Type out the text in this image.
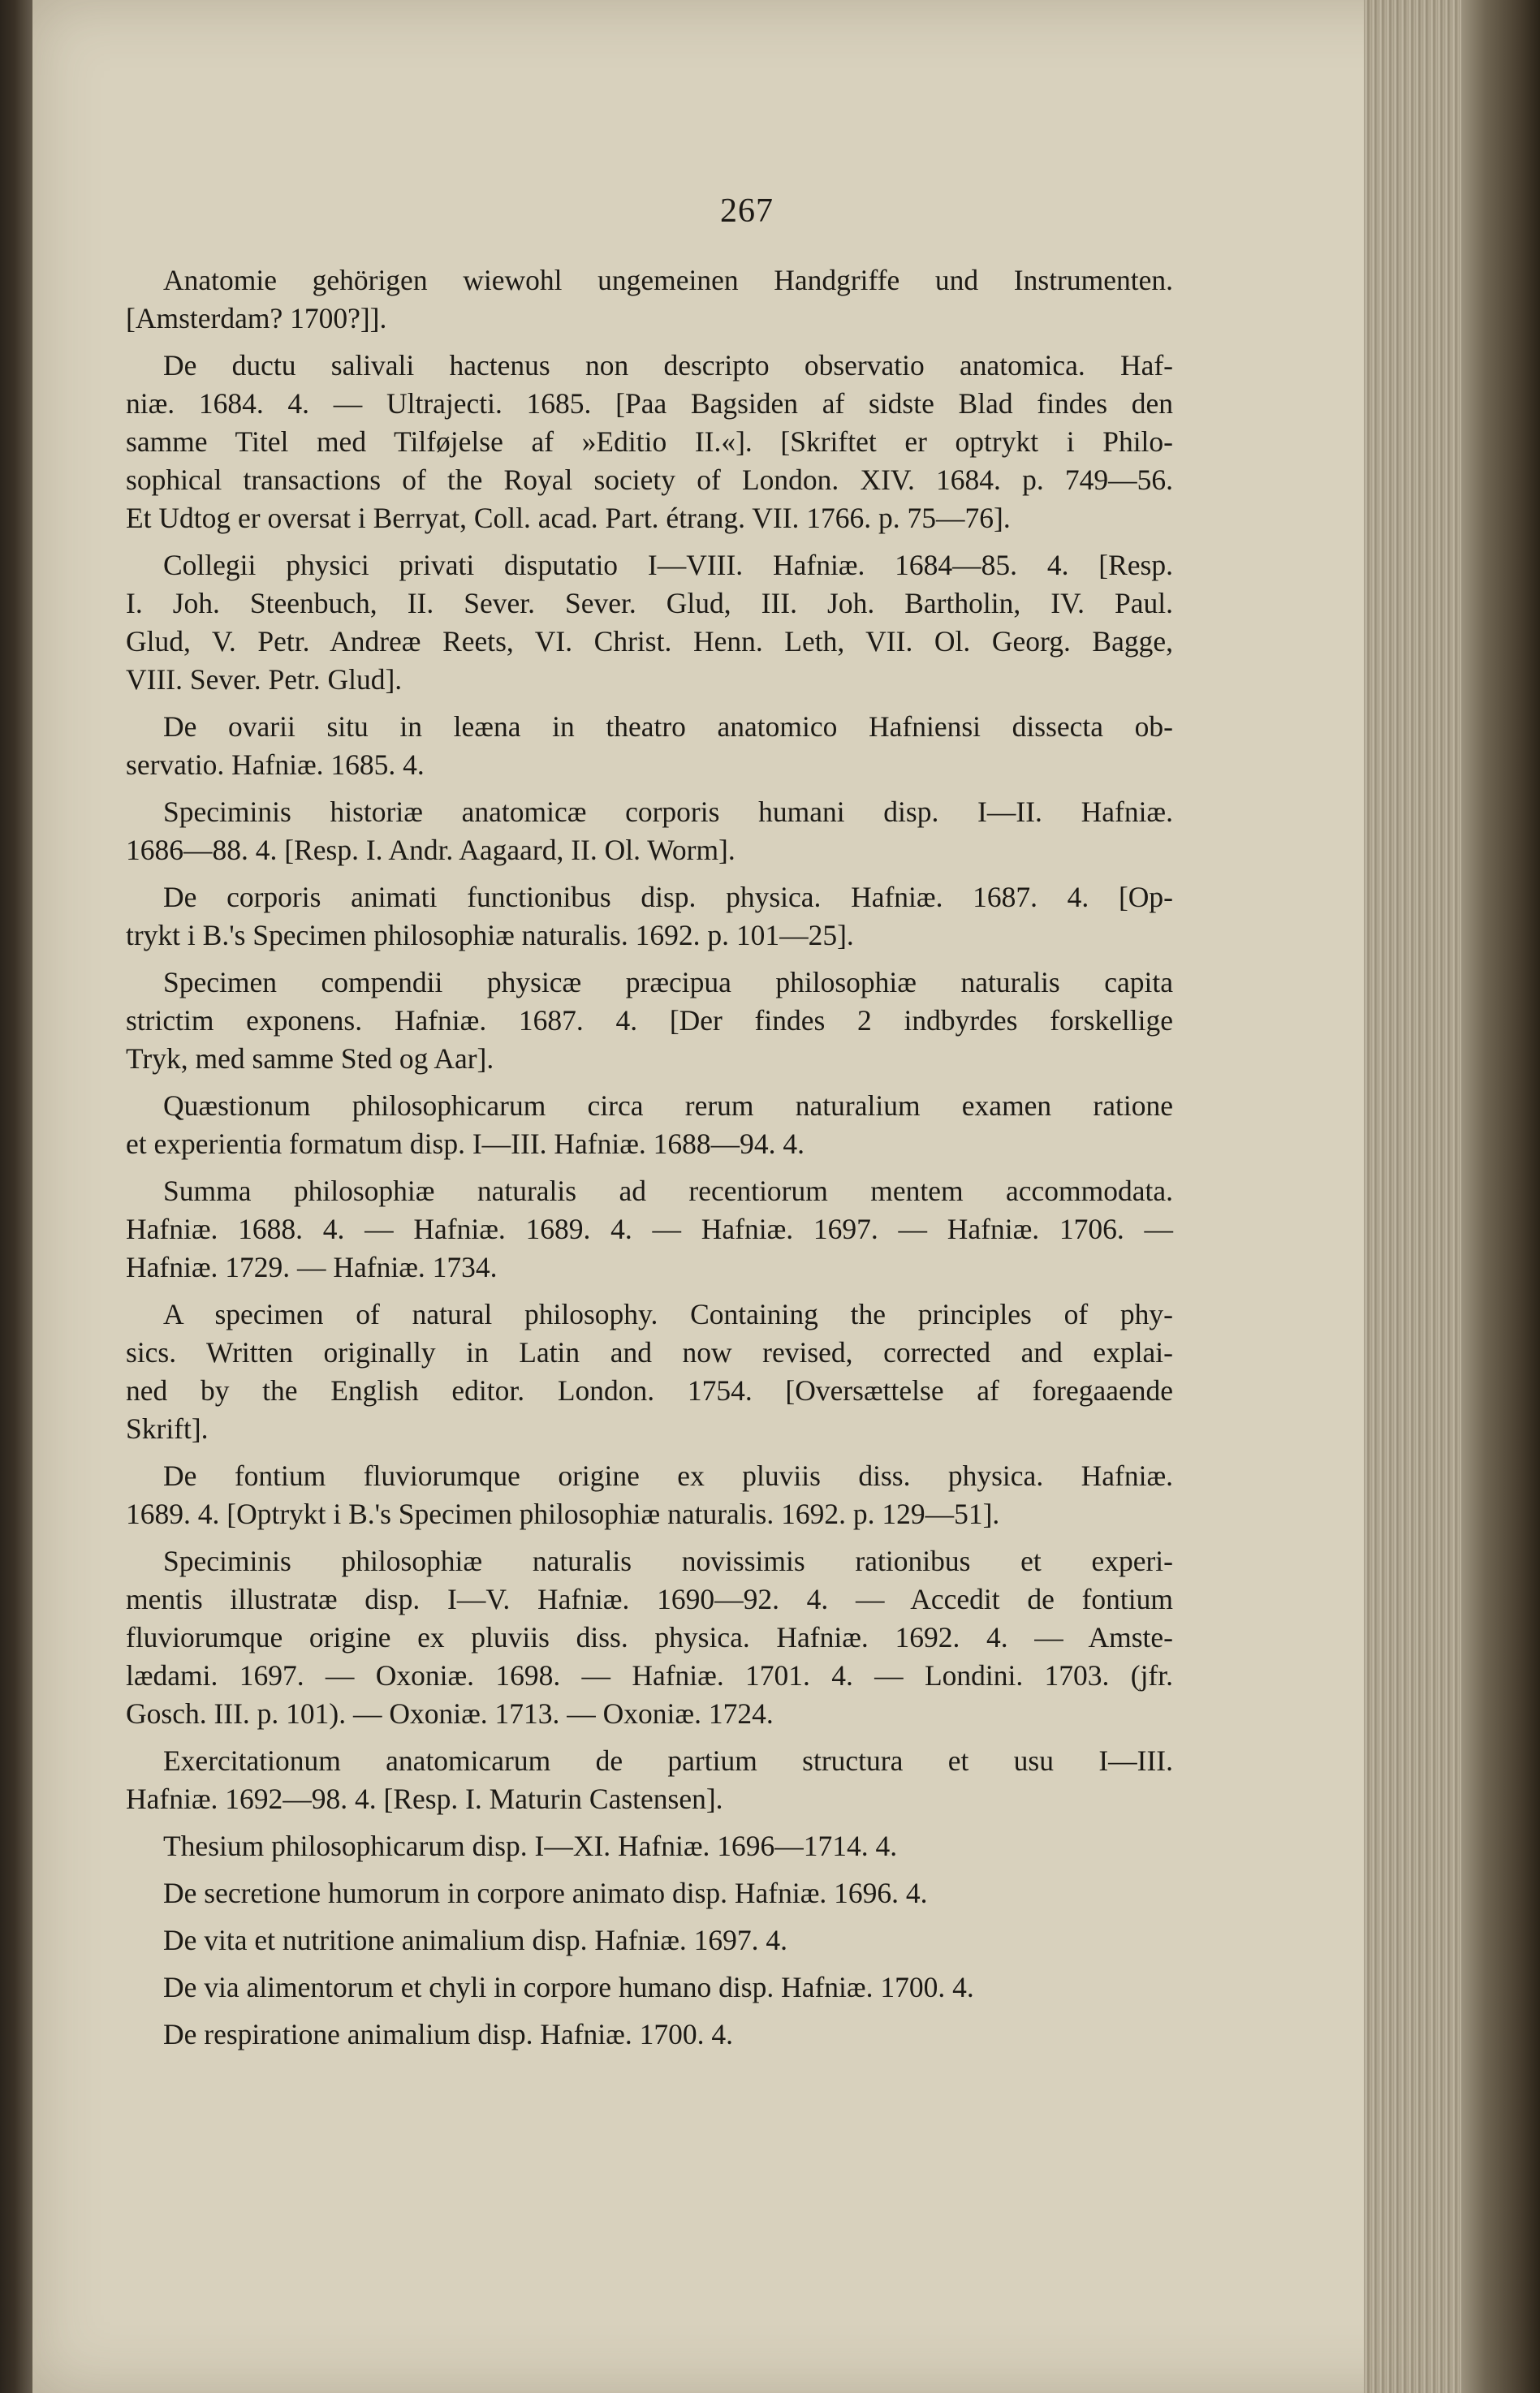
267
Anatomie gehörigen wiewohl ungemeinen Handgriffe und Instrumenten.
[Amsterdam? 1700?]].
De ductu salivali hactenus non descripto observatio anatomica. Haf-
niæ. 1684. 4. — Ultrajecti. 1685. [Paa Bagsiden af sidste Blad findes den
samme Titel med Tilføjelse af »Editio II.«]. [Skriftet er optrykt i Philo-
sophical transactions of the Royal society of London. XIV. 1684. p. 749—56.
Et Udtog er oversat i Berryat, Coll. acad. Part. étrang. VII. 1766. p. 75—76].
Collegii physici privati disputatio I—VIII. Hafniæ. 1684—85. 4. [Resp.
I. Joh. Steenbuch, II. Sever. Sever. Glud, III. Joh. Bartholin, IV. Paul.
Glud, V. Petr. Andreæ Reets, VI. Christ. Henn. Leth, VII. Ol. Georg. Bagge,
VIII. Sever. Petr. Glud].
De ovarii situ in leæna in theatro anatomico Hafniensi dissecta ob-
servatio. Hafniæ. 1685. 4.
Speciminis historiæ anatomicæ corporis humani disp. I—II. Hafniæ.
1686—88. 4. [Resp. I. Andr. Aagaard, II. Ol. Worm].
De corporis animati functionibus disp. physica. Hafniæ. 1687. 4. [Op-
trykt i B.'s Specimen philosophiæ naturalis. 1692. p. 101—25].
Specimen compendii physicæ præcipua philosophiæ naturalis capita
strictim exponens. Hafniæ. 1687. 4. [Der findes 2 indbyrdes forskellige
Tryk, med samme Sted og Aar].
Quæstionum philosophicarum circa rerum naturalium examen ratione
et experientia formatum disp. I—III. Hafniæ. 1688—94. 4.
Summa philosophiæ naturalis ad recentiorum mentem accommodata.
Hafniæ. 1688. 4. — Hafniæ. 1689. 4. — Hafniæ. 1697. — Hafniæ. 1706. —
Hafniæ. 1729. — Hafniæ. 1734.
A specimen of natural philosophy. Containing the principles of phy-
sics. Written originally in Latin and now revised, corrected and explai-
ned by the English editor. London. 1754. [Oversættelse af foregaaende
Skrift].
De fontium fluviorumque origine ex pluviis diss. physica. Hafniæ.
1689. 4. [Optrykt i B.'s Specimen philosophiæ naturalis. 1692. p. 129—51].
Speciminis philosophiæ naturalis novissimis rationibus et experi-
mentis illustratæ disp. I—V. Hafniæ. 1690—92. 4. — Accedit de fontium
fluviorumque origine ex pluviis diss. physica. Hafniæ. 1692. 4. — Amste-
lædami. 1697. — Oxoniæ. 1698. — Hafniæ. 1701. 4. — Londini. 1703. (jfr.
Gosch. III. p. 101). — Oxoniæ. 1713. — Oxoniæ. 1724.
Exercitationum anatomicarum de partium structura et usu I—III.
Hafniæ. 1692—98. 4. [Resp. I. Maturin Castensen].
Thesium philosophicarum disp. I—XI. Hafniæ. 1696—1714. 4.
De secretione humorum in corpore animato disp. Hafniæ. 1696. 4.
De vita et nutritione animalium disp. Hafniæ. 1697. 4.
De via alimentorum et chyli in corpore humano disp. Hafniæ. 1700. 4.
De respiratione animalium disp. Hafniæ. 1700. 4.
